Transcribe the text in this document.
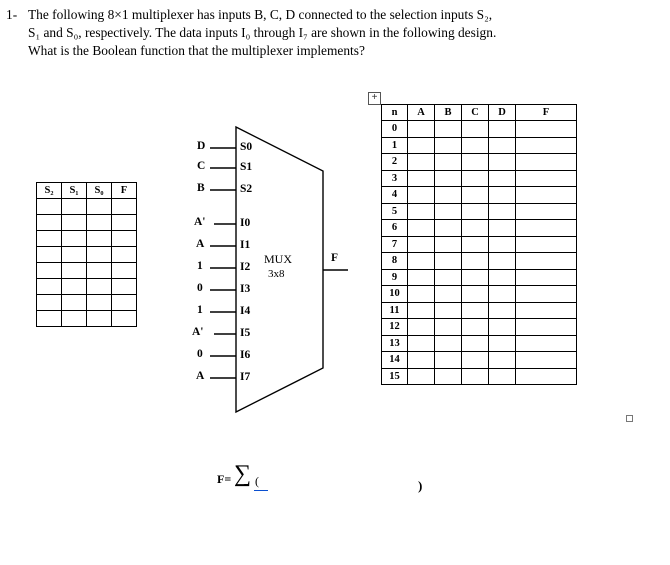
1- The following 8×1 multiplexer has inputs B, C, D connected to the selection inputs S₂,
S₁ and S₀, respectively. The data inputs I₀ through I₇ are shown in the following design.
What is the Boolean function that the multiplexer implements?
S₂	S₁	S₀	F

D
C
B
A'
A
1
0
1
A'
0
A
S0
S1
S2
I0
I1
I2
I3
I4
I5
I6
I7
MUX
3x8
F
+
n	A	B	C	D	F
0					
1					
2					
3					
4					
5					
6					
7					
8					
9					
10					
11					
12					
13					
14					
15					
F= ∑ (	)
